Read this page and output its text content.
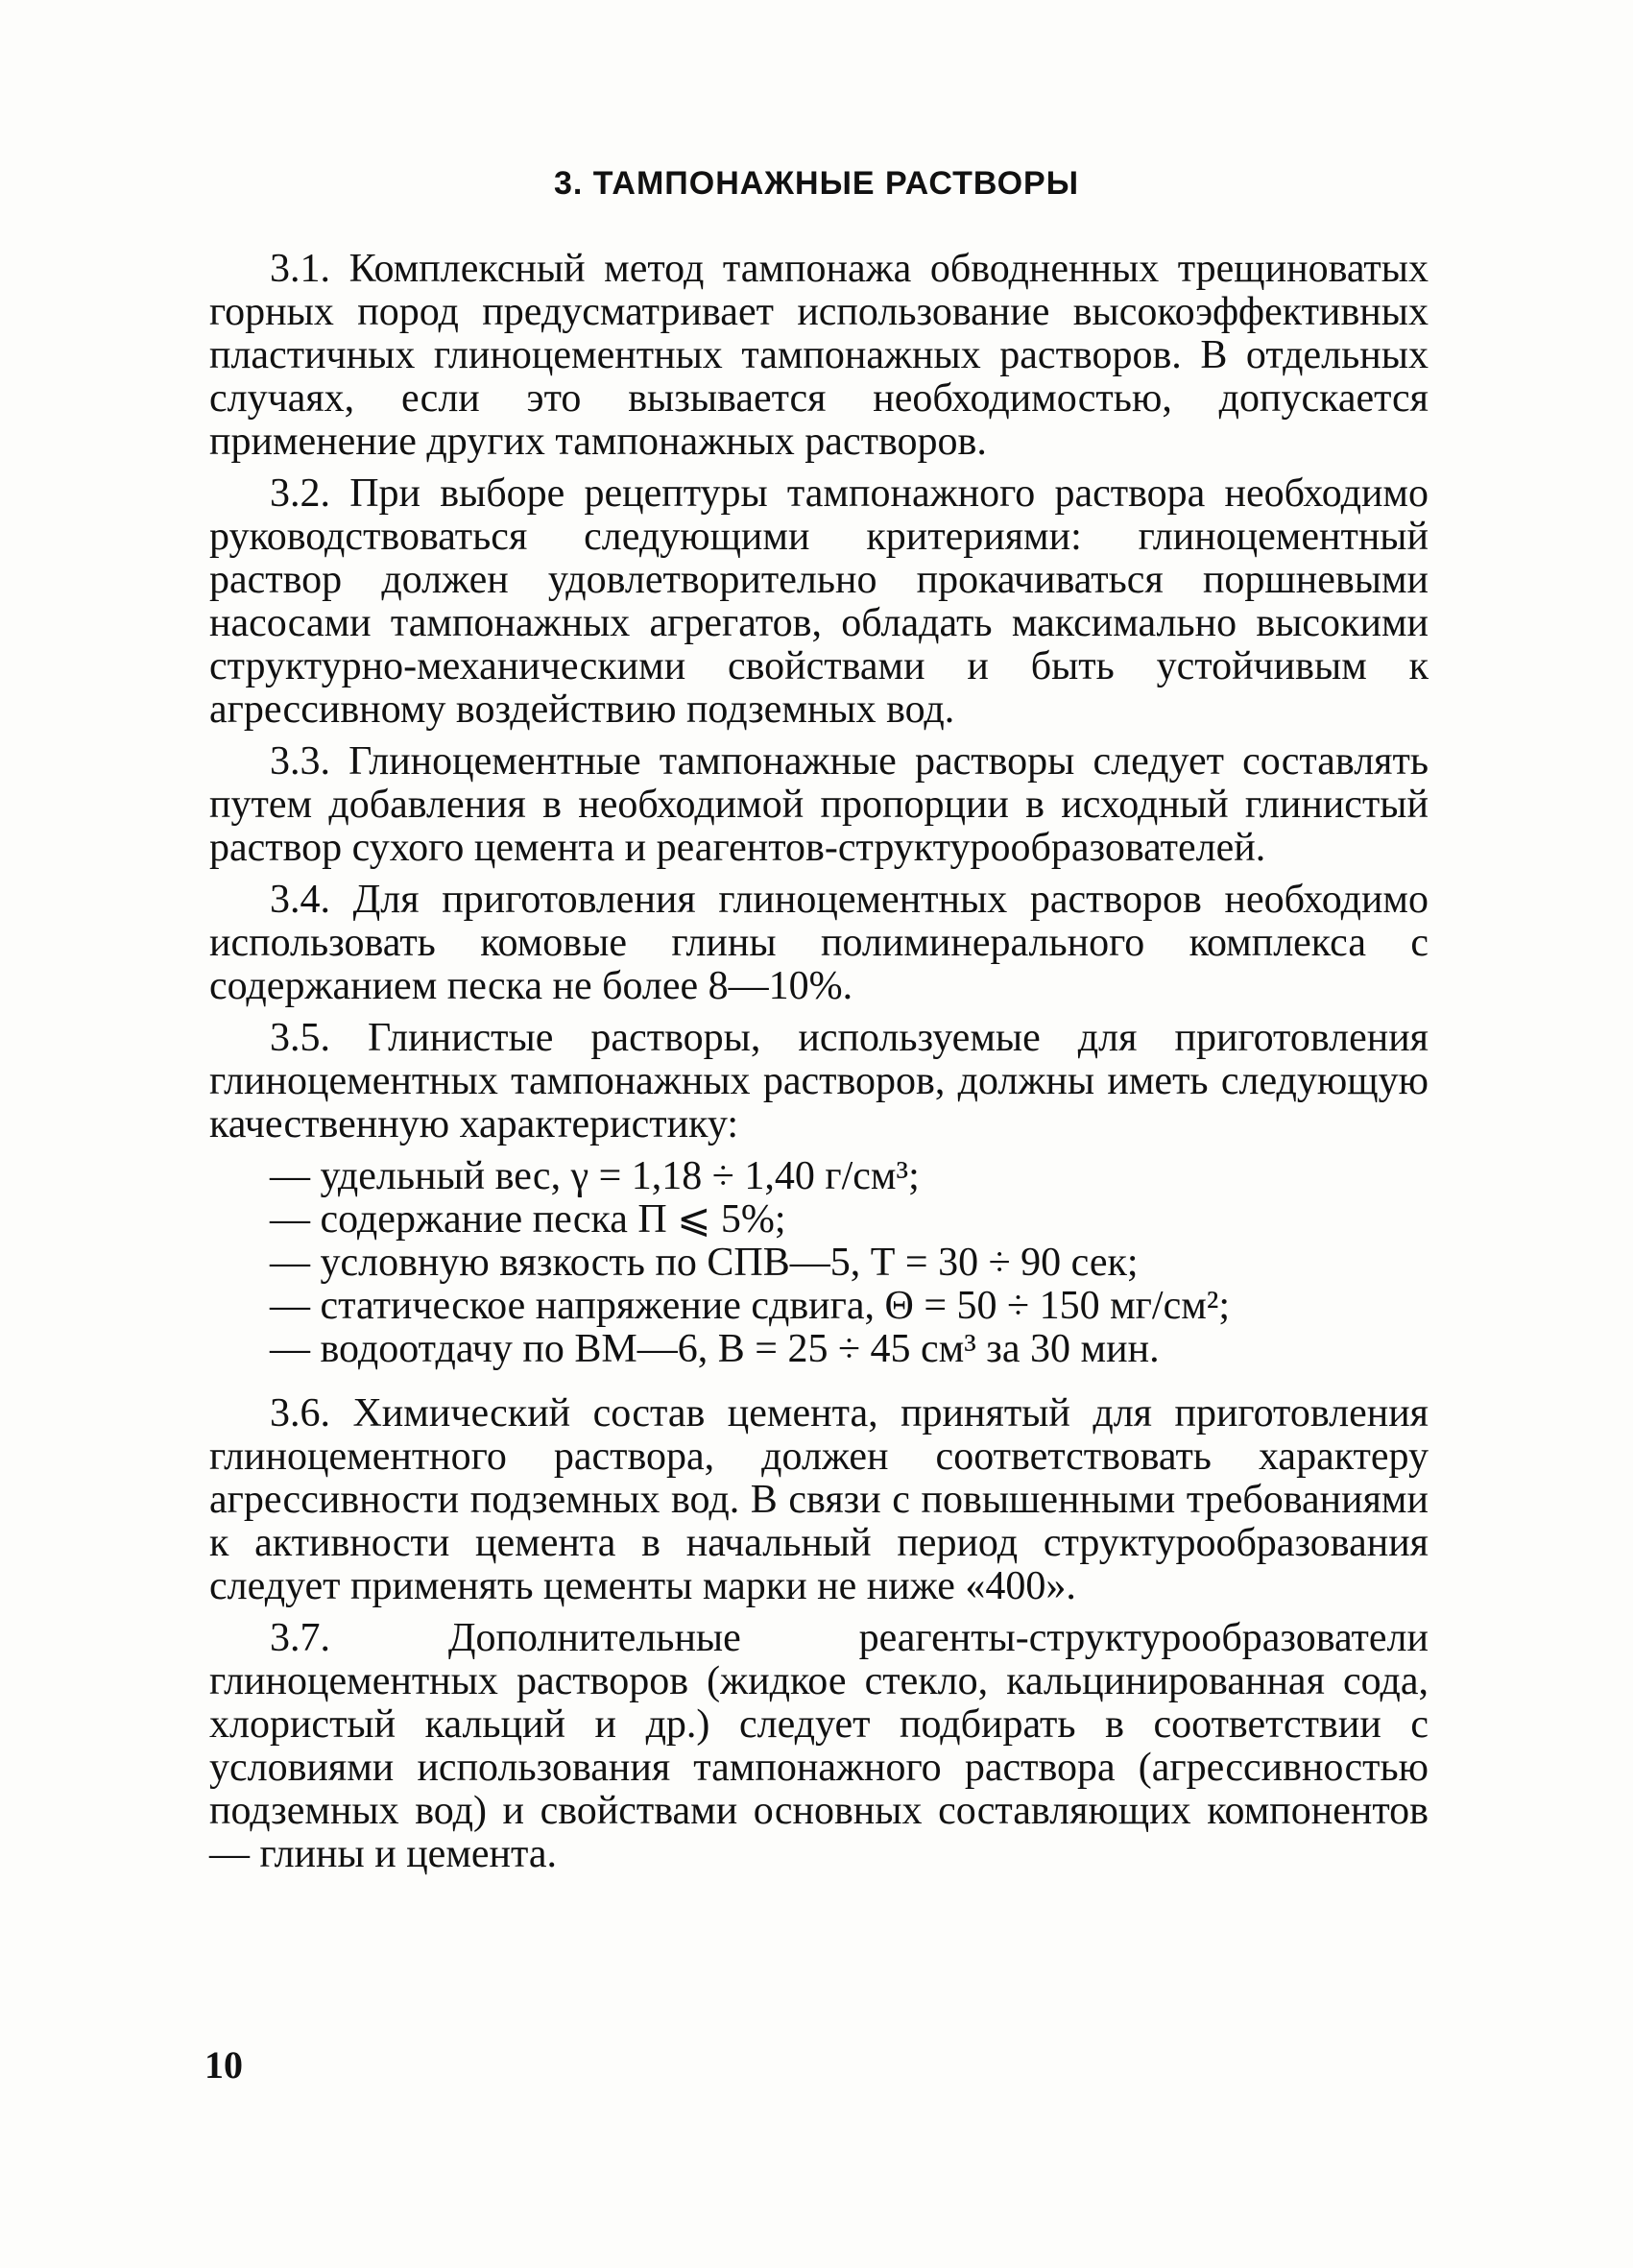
3. ТАМПОНАЖНЫЕ РАСТВОРЫ

3.1. Комплексный метод тампонажа обводненных трещиноватых горных пород предусматривает использование высокоэффективных пластичных глиноцементных тампонажных растворов. В отдельных случаях, если это вызывается необходимостью, допускается применение других тампонажных растворов.

3.2. При выборе рецептуры тампонажного раствора необходимо руководствоваться следующими критериями: глиноцементный раствор должен удовлетворительно прокачиваться поршневыми насосами тампонажных агрегатов, обладать максимально высокими структурно-механическими свойствами и быть устойчивым к агрессивному воздействию подземных вод.

3.3. Глиноцементные тампонажные растворы следует составлять путем добавления в необходимой пропорции в исходный глинистый раствор сухого цемента и реагентов-структурообразователей.

3.4. Для приготовления глиноцементных растворов необходимо использовать комовые глины полиминерального комплекса с содержанием песка не более 8—10%.

3.5. Глинистые растворы, используемые для приготовления глиноцементных тампонажных растворов, должны иметь следующую качественную характеристику:

— удельный вес, γ = 1,18 ÷ 1,40 г/см³;

— содержание песка П ⩽ 5%;

— условную вязкость по СПВ—5, Т = 30 ÷ 90 сек;

— статическое напряжение сдвига, Θ = 50 ÷ 150 мг/см²;

— водоотдачу по ВМ—6, В = 25 ÷ 45 см³ за 30 мин.

3.6. Химический состав цемента, принятый для приготовления глиноцементного раствора, должен соответствовать характеру агрессивности подземных вод. В связи с повышенными требованиями к активности цемента в начальный период структурообразования следует применять цементы марки не ниже «400».

3.7. Дополнительные реагенты-структурообразователи глиноцементных растворов (жидкое стекло, кальцинированная сода, хлористый кальций и др.) следует подбирать в соответствии с условиями использования тампонажного раствора (агрессивностью подземных вод) и свойствами основных составляющих компонентов — глины и цемента.

10
